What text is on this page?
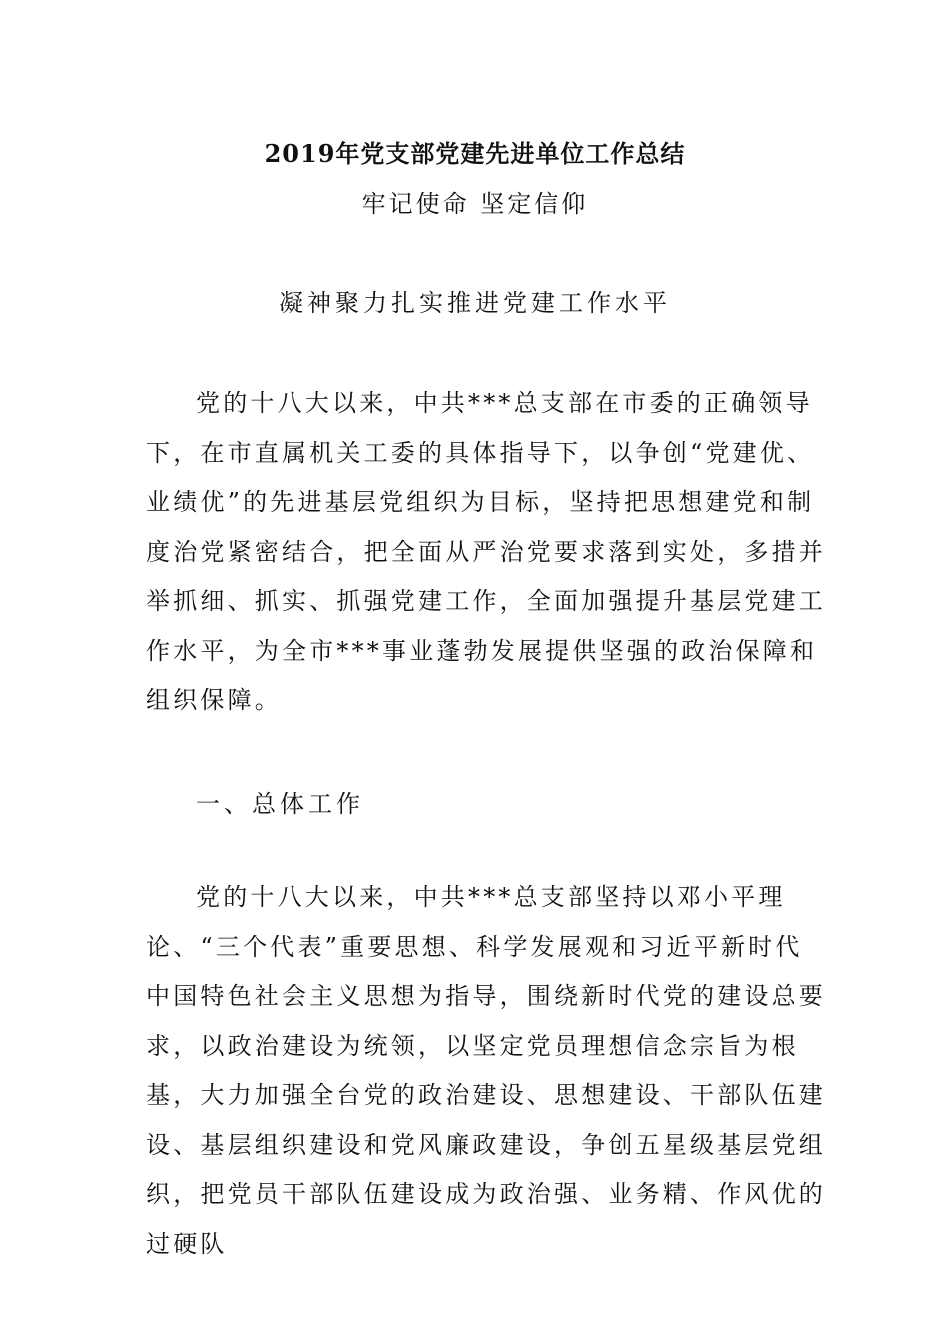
2019年党支部党建先进单位工作总结
牢记使命 坚定信仰
凝神聚力扎实推进党建工作水平

党的十八大以来，中共***总支部在市委的正确领导下，在市直属机关工委的具体指导下，以争创“党建优、业绩优”的先进基层党组织为目标，坚持把思想建党和制度治党紧密结合，把全面从严治党要求落到实处，多措并举抓细、抓实、抓强党建工作，全面加强提升基层党建工作水平，为全市***事业蓬勃发展提供坚强的政治保障和组织保障。

一、总体工作

党的十八大以来，中共***总支部坚持以邓小平理论、“三个代表”重要思想、科学发展观和习近平新时代中国特色社会主义思想为指导，围绕新时代党的建设总要求，以政治建设为统领，以坚定党员理想信念宗旨为根基，大力加强全台党的政治建设、思想建设、干部队伍建设、基层组织建设和党风廉政建设，争创五星级基层党组织，把党员干部队伍建设成为政治强、业务精、作风优的过硬队
